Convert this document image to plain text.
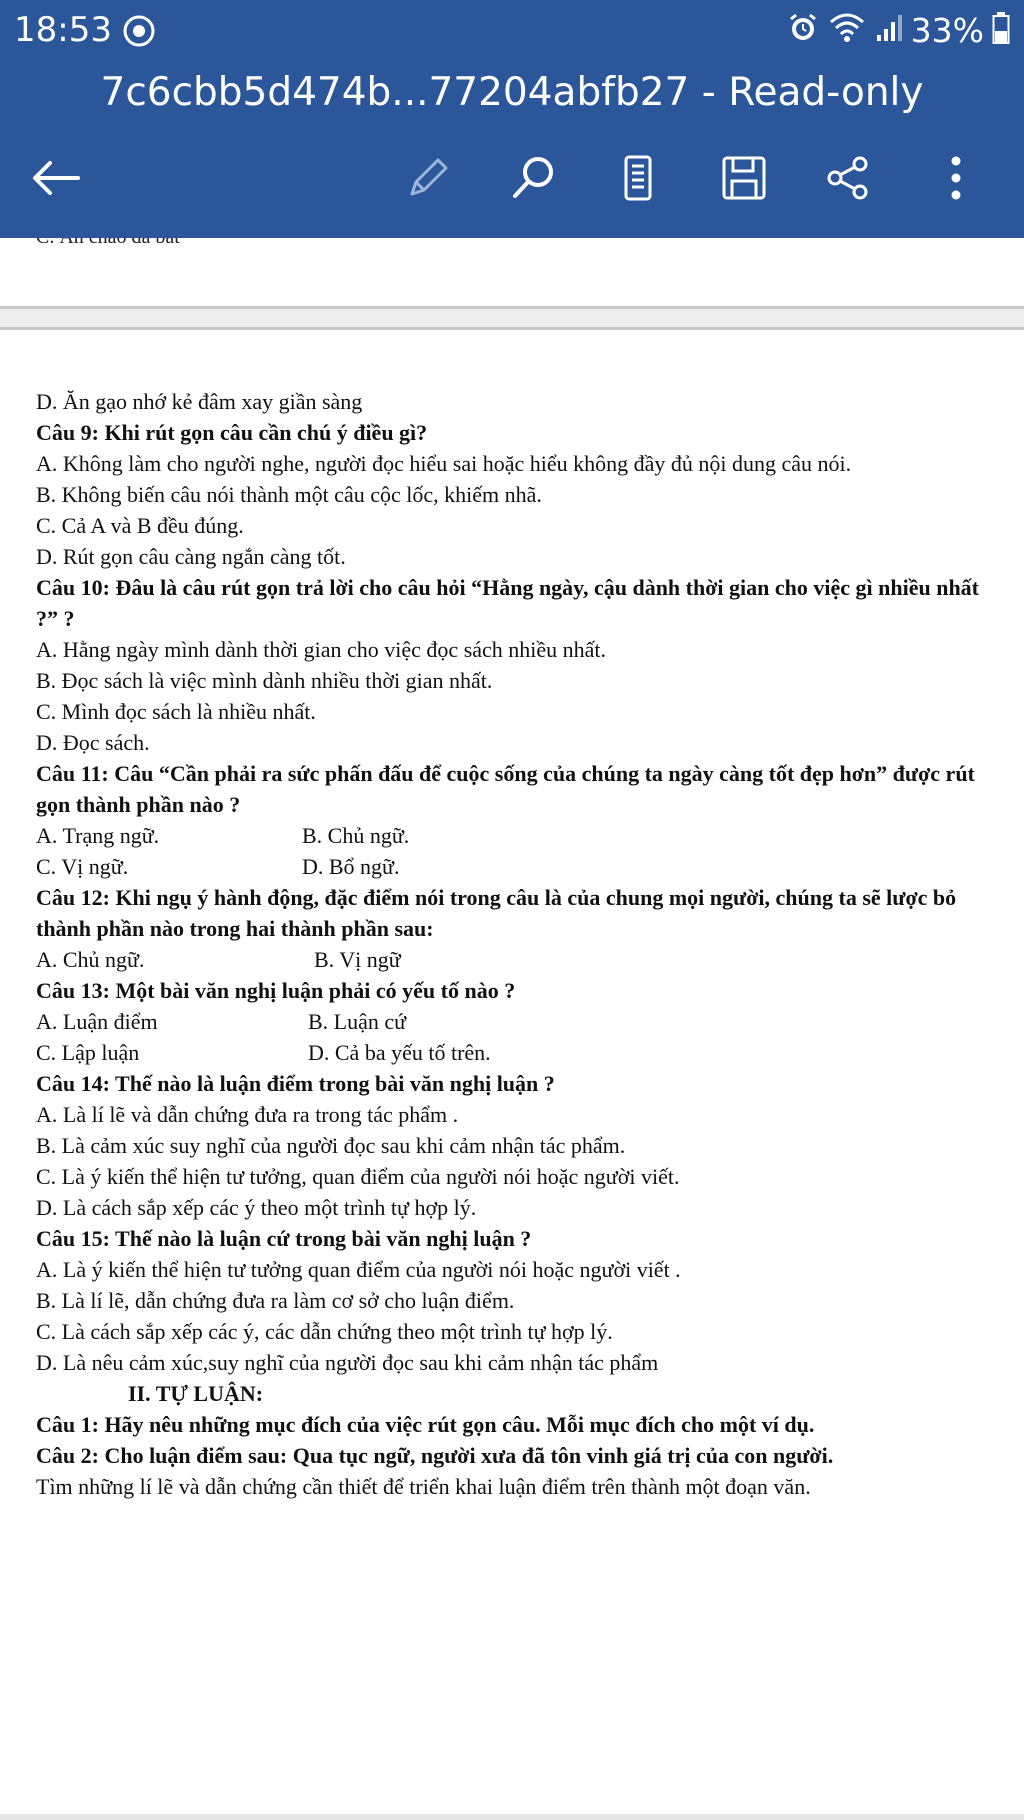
18:53	33%
7c6cbb5d474b...77204abfb27 - Read-only
D. Ăn gạo nhớ kẻ đâm xay giần sàng
Câu 9: Khi rút gọn câu cần chú ý điều gì?
A. Không làm cho người nghe, người đọc hiểu sai hoặc hiểu không đầy đủ nội dung câu nói.
B. Không biến câu nói thành một câu cộc lốc, khiếm nhã.
C. Cả A và B đều đúng.
D. Rút gọn câu càng ngắn càng tốt.
Câu 10: Đâu là câu rút gọn trả lời cho câu hỏi “Hằng ngày, cậu dành thời gian cho việc gì nhiều nhất ?” ?
A. Hằng ngày mình dành thời gian cho việc đọc sách nhiều nhất.
B. Đọc sách là việc mình dành nhiều thời gian nhất.
C. Mình đọc sách là nhiều nhất.
D. Đọc sách.
Câu 11: Câu “Cần phải ra sức phấn đấu để cuộc sống của chúng ta ngày càng tốt đẹp hơn” được rút gọn thành phần nào ?
A. Trạng ngữ.	B. Chủ ngữ.
C. Vị ngữ.	D. Bổ ngữ.
Câu 12: Khi ngụ ý hành động, đặc điểm nói trong câu là của chung mọi người, chúng ta sẽ lược bỏ thành phần nào trong hai thành phần sau:
A. Chủ ngữ.	B. Vị ngữ
Câu 13: Một bài văn nghị luận phải có yếu tố nào ?
A. Luận điểm	B. Luận cứ
C. Lập luận	D. Cả ba yếu tố trên.
Câu 14: Thế nào là luận điểm trong bài văn nghị luận ?
A. Là lí lẽ và dẫn chứng đưa ra trong tác phẩm .
B. Là cảm xúc suy nghĩ của người đọc sau khi cảm nhận tác phẩm.
C. Là ý kiến thể hiện tư tưởng, quan điểm của người nói hoặc người viết.
D. Là cách sắp xếp các ý theo một trình tự hợp lý.
Câu 15: Thế nào là luận cứ trong bài văn nghị luận ?
A. Là ý kiến thể hiện tư tưởng quan điểm của người nói hoặc người viết .
B. Là lí lẽ, dẫn chứng đưa ra làm cơ sở cho luận điểm.
C. Là cách sắp xếp các ý, các dẫn chứng theo một trình tự hợp lý.
D. Là nêu cảm xúc,suy nghĩ của người đọc sau khi cảm nhận tác phẩm
II. TỰ LUẬN:
Câu 1: Hãy nêu những mục đích của việc rút gọn câu. Mỗi mục đích cho một ví dụ.
Câu 2: Cho luận điểm sau: Qua tục ngữ, người xưa đã tôn vinh giá trị của con người.
Tìm những lí lẽ và dẫn chứng cần thiết để triển khai luận điểm trên thành một đoạn văn.
